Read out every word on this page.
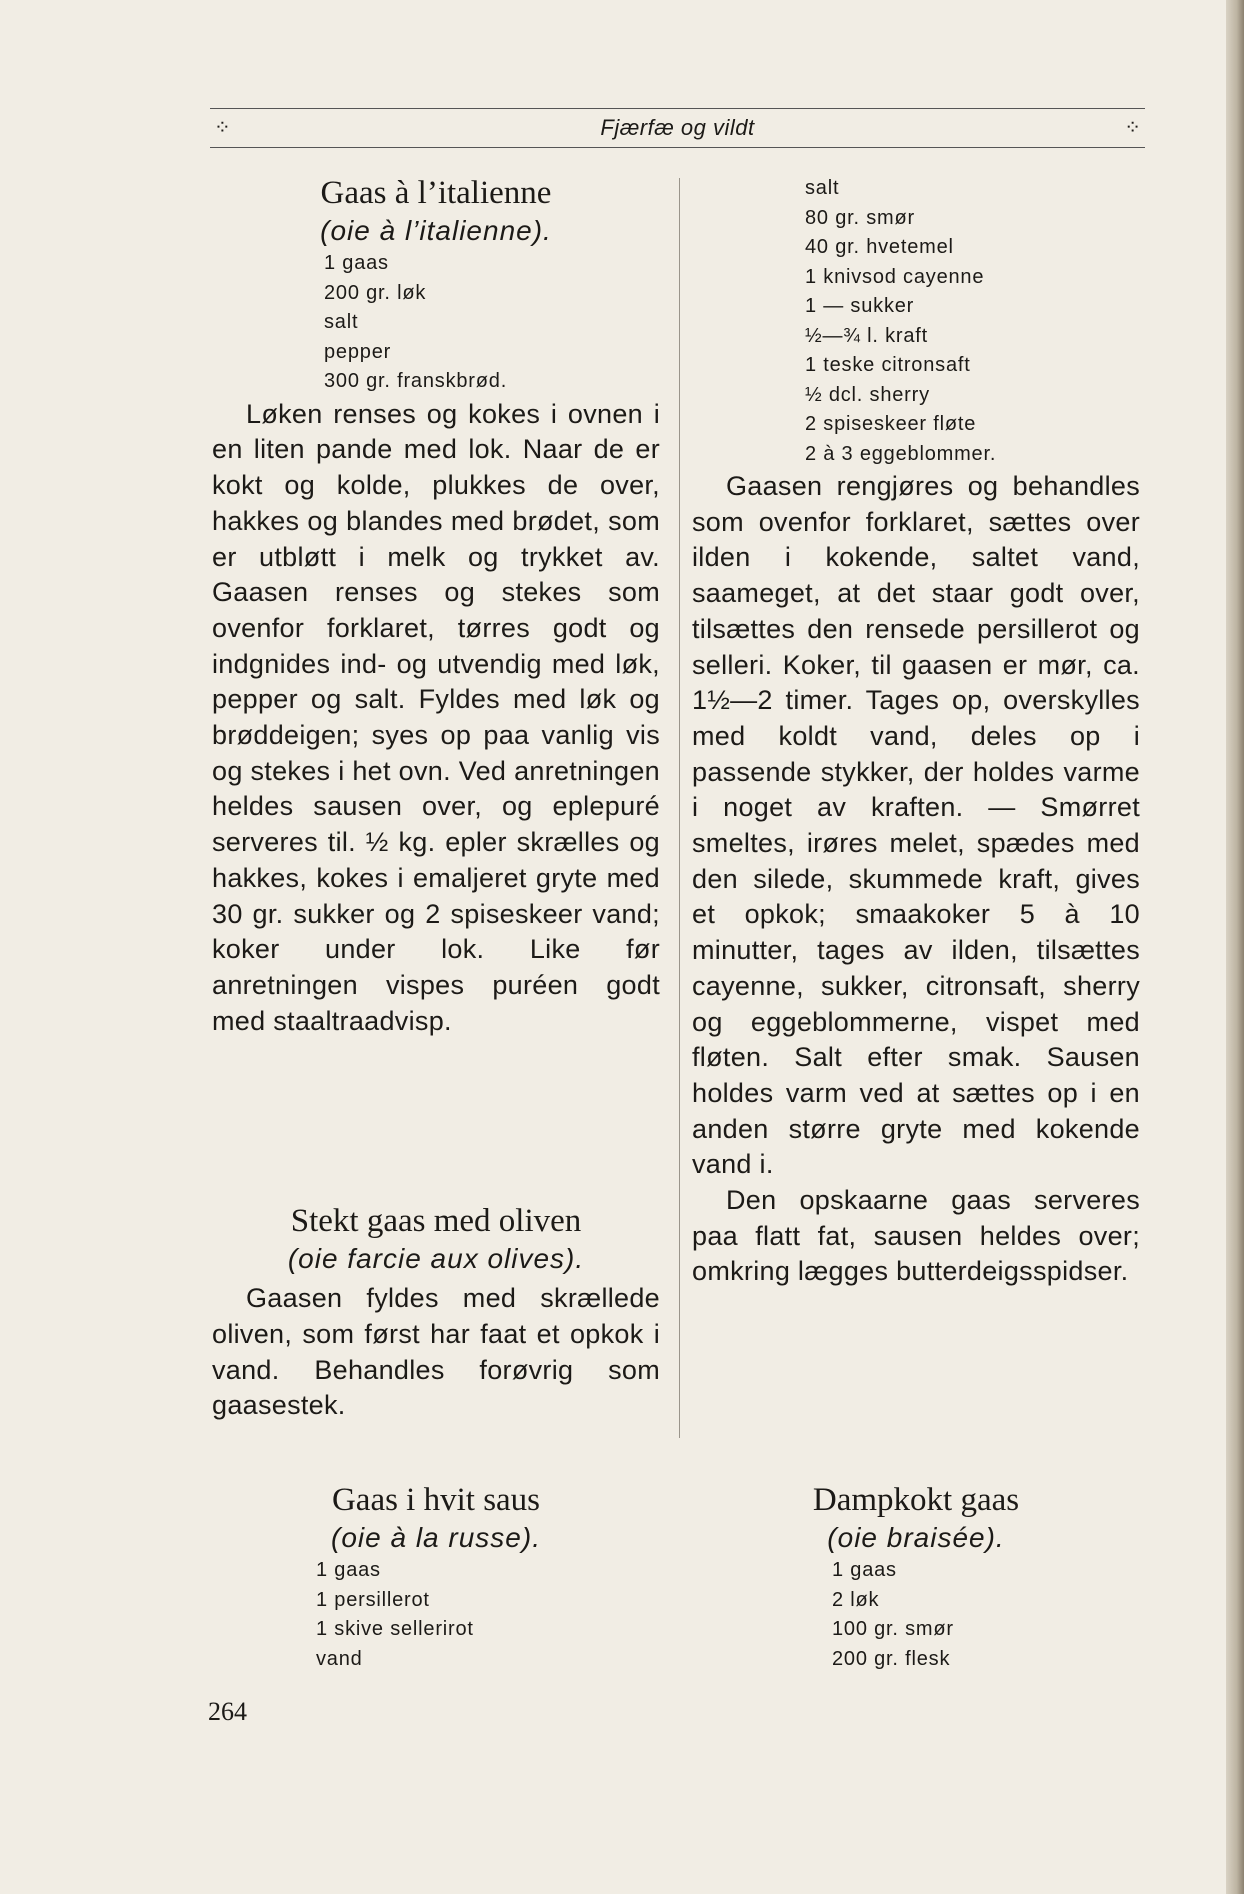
⁘	Fjærfæ og vildt	⁘
Gaas à l’italienne
(oie à l’italienne).
1 gaas
200 gr. løk
salt
pepper
300 gr. franskbrød.

Løken renses og kokes i ovnen i en liten pande med lok. Naar de er kokt og kolde, plukkes de over, hakkes og blandes med brødet, som er utbløtt i melk og trykket av. Gaasen renses og stekes som ovenfor forklaret, tørres godt og indgnides ind- og utvendig med løk, pepper og salt. Fyldes med løk og brøddeigen; syes op paa vanlig vis og stekes i het ovn. Ved anretningen heldes sausen over, og eplepuré serveres til. ½ kg. epler skrælles og hakkes, kokes i emaljeret gryte med 30 gr. sukker og 2 spiseskeer vand; koker under lok. Like før anretningen vispes puréen godt med staaltraadvisp.

Stekt gaas med oliven
(oie farcie aux olives).

Gaasen fyldes med skrællede oliven, som først har faat et opkok i vand. Behandles forøvrig som gaasestek.

Gaas i hvit saus
(oie à la russe).
1 gaas
1 persillerot
1 skive sellerirot
vand
salt
80 gr. smør
40 gr. hvetemel
1 knivsod cayenne
1 — sukker
½—¾ l. kraft
1 teske citronsaft
½ dcl. sherry
2 spiseskeer fløte
2 à 3 eggeblommer.

Gaasen rengjøres og behandles som ovenfor forklaret, sættes over ilden i kokende, saltet vand, saameget, at det staar godt over, tilsættes den rensede persillerot og selleri. Koker, til gaasen er mør, ca. 1½—2 timer. Tages op, overskylles med koldt vand, deles op i passende stykker, der holdes varme i noget av kraften. — Smørret smeltes, irøres melet, spædes med den silede, skummede kraft, gives et opkok; smaakoker 5 à 10 minutter, tages av ilden, tilsættes cayenne, sukker, citronsaft, sherry og eggeblommerne, vispet med fløten. Salt efter smak. Sausen holdes varm ved at sættes op i en anden større gryte med kokende vand i.

Den opskaarne gaas serveres paa flatt fat, sausen heldes over; omkring lægges butterdeigsspidser.

Dampkokt gaas
(oie braisée).
1 gaas
2 løk
100 gr. smør
200 gr. flesk
264
